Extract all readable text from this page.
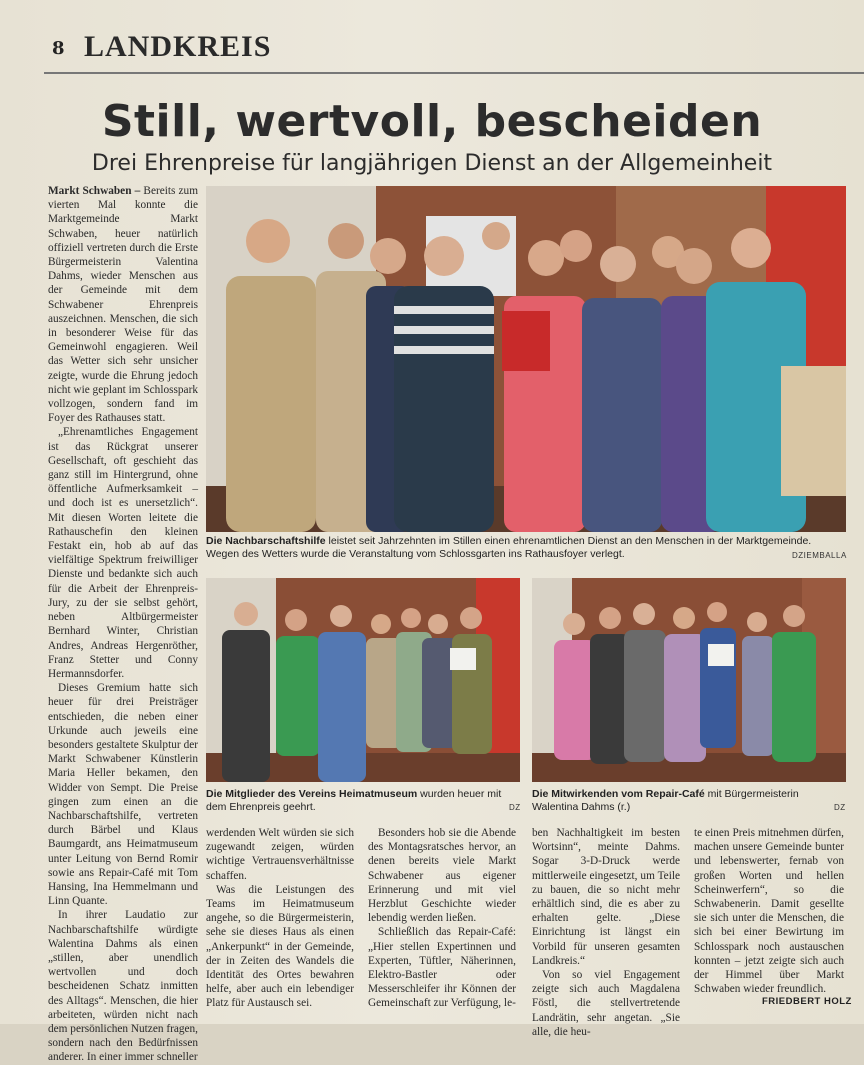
8 LANDKREIS
Still, wertvoll, bescheiden
Drei Ehrenpreise für langjährigen Dienst an der Allgemeinheit
Die Nachbarschaftshilfe leistet seit Jahrzehnten im Stillen einen ehrenamtlichen Dienst an den Menschen in der Marktgemeinde. Wegen des Wetters wurde die Veranstaltung vom Schlossgarten ins Rathausfoyer verlegt.	DZIEMBALLA
Die Mitglieder des Vereins Heimatmuseum wurden heuer mit dem Ehrenpreis geehrt.	DZ
Die Mitwirkenden vom Repair-Café mit Bürgermeisterin Walentina Dahms (r.)	DZ

Markt Schwaben – Bereits zum vierten Mal konnte die Marktgemeinde Markt Schwaben, heuer natürlich offiziell vertreten durch die Erste Bürgermeisterin Valentina Dahms, wieder Menschen aus der Gemeinde mit dem Schwabener Ehrenpreis auszeichnen. Menschen, die sich in besonderer Weise für das Gemeinwohl engagieren. Weil das Wetter sich sehr unsicher zeigte, wurde die Ehrung jedoch nicht wie geplant im Schlosspark vollzogen, sondern fand im Foyer des Rathauses statt.

„Ehrenamtliches Engagement ist das Rückgrat unserer Gesellschaft, oft geschieht das ganz still im Hintergrund, ohne öffentliche Aufmerksamkeit – und doch ist es unersetzlich“. Mit diesen Worten leitete die Rathauschefin den kleinen Festakt ein, hob ab auf das vielfältige Spektrum freiwilliger Dienste und bedankte sich auch für die Arbeit der Ehrenpreis-Jury, zu der sie selbst gehört, neben Altbürgermeister Bernhard Winter, Christian Andres, Andreas Hergenröther, Franz Stetter und Conny Hermannsdorfer.

Dieses Gremium hatte sich heuer für drei Preisträger entschieden, die neben einer Urkunde auch jeweils eine besonders gestaltete Skulptur der Markt Schwabener Künstlerin Maria Heller bekamen, den Widder von Sempt. Die Preise gingen zum einen an die Nachbarschaftshilfe, vertreten durch Bärbel und Klaus Baumgardt, ans Heimatmuseum unter Leitung von Bernd Romir sowie ans Repair-Café mit Tom Hansing, Ina Hemmelmann und Linn Quante.

In ihrer Laudatio zur Nachbarschaftshilfe würdigte Walentina Dahms als einen „stillen, aber unendlich wertvollen und doch bescheidenen Schatz inmitten des Alltags“. Menschen, die hier arbeiteten, würden nicht nach dem persönlichen Nutzen fragen, sondern nach den Bedürfnissen anderer. In einer immer schneller

werdenden Welt würden sie sich zugewandt zeigen, würden wichtige Vertrauensverhältnisse schaffen.

Was die Leistungen des Teams im Heimatmuseum angehe, so die Bürgermeisterin, sehe sie dieses Haus als einen „Ankerpunkt“ in der Gemeinde, der in Zeiten des Wandels die Identität des Ortes bewahren helfe, aber auch ein lebendiger Platz für Austausch sei.

Besonders hob sie die Abende des Montagsratsches hervor, an denen bereits viele Markt Schwabener aus eigener Erinnerung und mit viel Herzblut Geschichte wieder lebendig werden ließen.

Schließlich das Repair-Café: „Hier stellen Expertinnen und Experten, Tüftler, Näherinnen, Elektro-Bastler oder Messerschleifer ihr Können der Gemeinschaft zur Verfügung, le-

ben Nachhaltigkeit im besten Wortsinn“, meinte Dahms. Sogar 3-D-Druck werde mittlerweile eingesetzt, um Teile zu bauen, die so nicht mehr erhältlich sind, die es aber zu erhalten gelte. „Diese Einrichtung ist längst ein Vorbild für unseren gesamten Landkreis.“

Von so viel Engagement zeigte sich auch Magdalena Föstl, die stellvertretende Landrätin, sehr angetan. „Sie alle, die heu-

te einen Preis mitnehmen dürfen, machen unsere Gemeinde bunter und lebenswerter, fernab von großen Worten und hellen Scheinwerfern“, so die Schwabenerin. Damit gesellte sie sich unter die Menschen, die sich bei einer Bewirtung im Schlosspark noch austauschen konnten – jetzt zeigte sich auch der Himmel über Markt Schwaben wieder freundlich.

FRIEDBERT HOLZ
